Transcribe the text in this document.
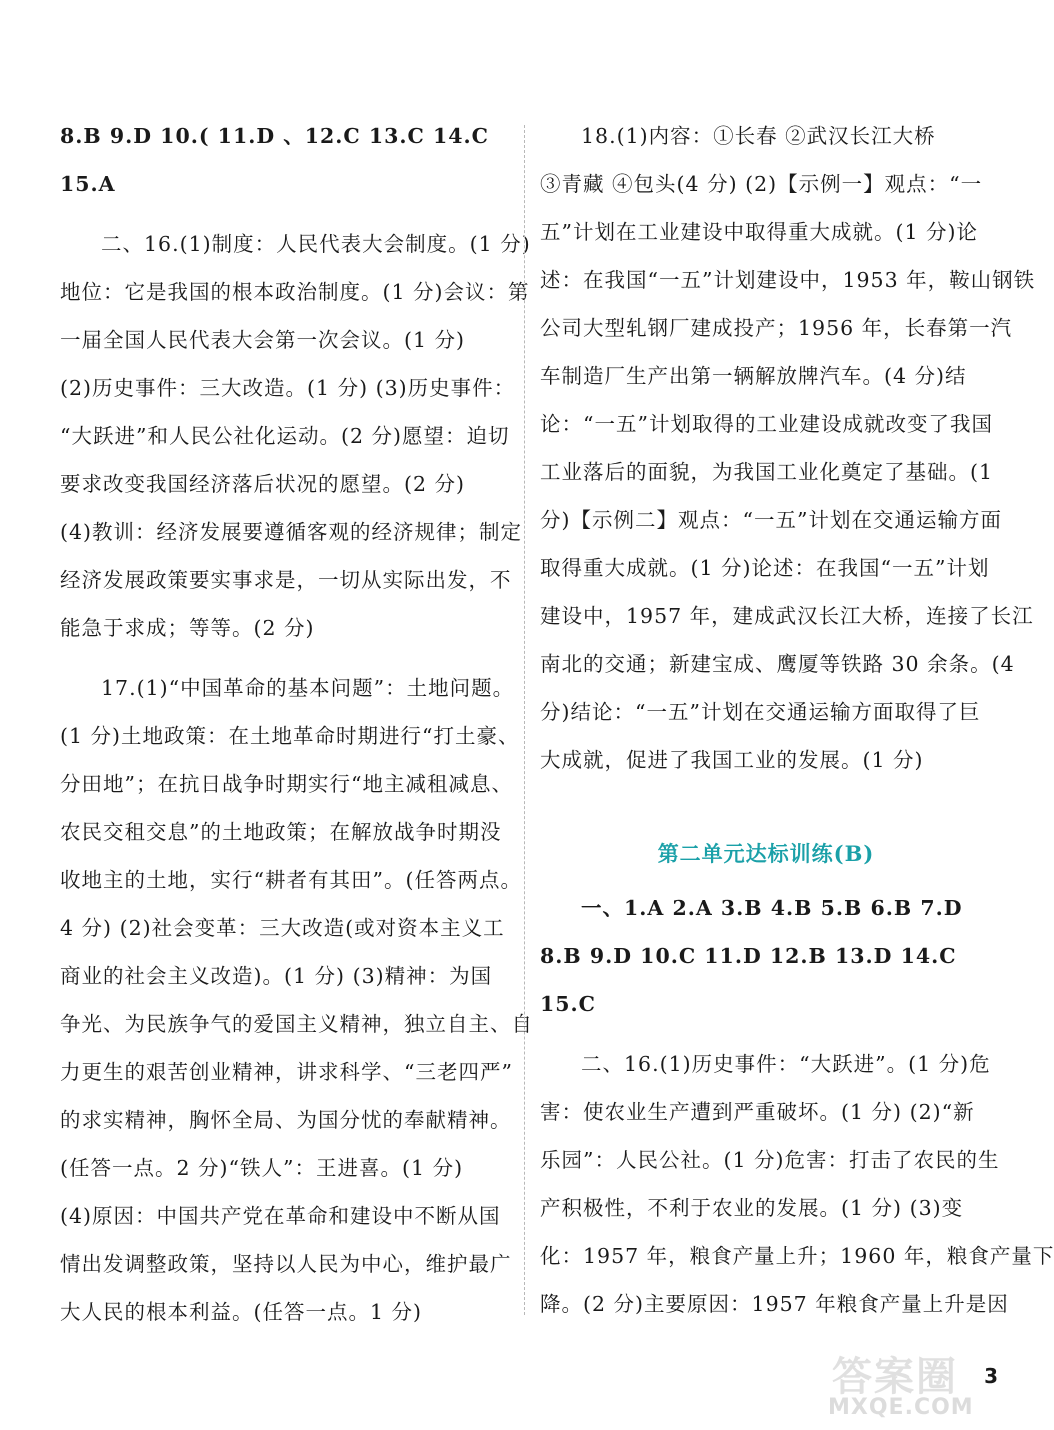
8.B 9.D 10.( 11.D 、12.C 13.C 14.C
15.A
二、16.(1)制度：人民代表大会制度。(1 分)
地位：它是我国的根本政治制度。(1 分)会议：第
一届全国人民代表大会第一次会议。(1 分)
(2)历史事件：三大改造。(1 分) (3)历史事件：
“大跃进”和人民公社化运动。(2 分)愿望：迫切
要求改变我国经济落后状况的愿望。(2 分)
(4)教训：经济发展要遵循客观的经济规律；制定
经济发展政策要实事求是，一切从实际出发，不
能急于求成；等等。(2 分)
17.(1)“中国革命的基本问题”：土地问题。
(1 分)土地政策：在土地革命时期进行“打土豪、
分田地”；在抗日战争时期实行“地主减租减息、
农民交租交息”的土地政策；在解放战争时期没
收地主的土地，实行“耕者有其田”。(任答两点。
4 分) (2)社会变革：三大改造(或对资本主义工
商业的社会主义改造)。(1 分) (3)精神：为国
争光、为民族争气的爱国主义精神，独立自主、自
力更生的艰苦创业精神，讲求科学、“三老四严”
的求实精神，胸怀全局、为国分忧的奉献精神。
(任答一点。2 分)“铁人”：王进喜。(1 分)
(4)原因：中国共产党在革命和建设中不断从国
情出发调整政策，坚持以人民为中心，维护最广
大人民的根本利益。(任答一点。1 分)
18.(1)内容：①长春 ②武汉长江大桥
③青藏 ④包头(4 分) (2)【示例一】观点：“一
五”计划在工业建设中取得重大成就。(1 分)论
述：在我国“一五”计划建设中，1953 年，鞍山钢铁
公司大型轧钢厂建成投产；1956 年，长春第一汽
车制造厂生产出第一辆解放牌汽车。(4 分)结
论：“一五”计划取得的工业建设成就改变了我国
工业落后的面貌，为我国工业化奠定了基础。(1
分)【示例二】观点：“一五”计划在交通运输方面
取得重大成就。(1 分)论述：在我国“一五”计划
建设中，1957 年，建成武汉长江大桥，连接了长江
南北的交通；新建宝成、鹰厦等铁路 30 余条。(4
分)结论：“一五”计划在交通运输方面取得了巨
大成就，促进了我国工业的发展。(1 分)
第二单元达标训练(B)
一、1.A 2.A 3.B 4.B 5.B 6.B 7.D
8.B 9.D 10.C 11.D 12.B 13.D 14.C
15.C
二、16.(1)历史事件：“大跃进”。(1 分)危
害：使农业生产遭到严重破坏。(1 分) (2)“新
乐园”：人民公社。(1 分)危害：打击了农民的生
产积极性，不利于农业的发展。(1 分) (3)变
化：1957 年，粮食产量上升；1960 年，粮食产量下
降。(2 分)主要原因：1957 年粮食产量上升是因
答案圈
MXQE.COM
3
